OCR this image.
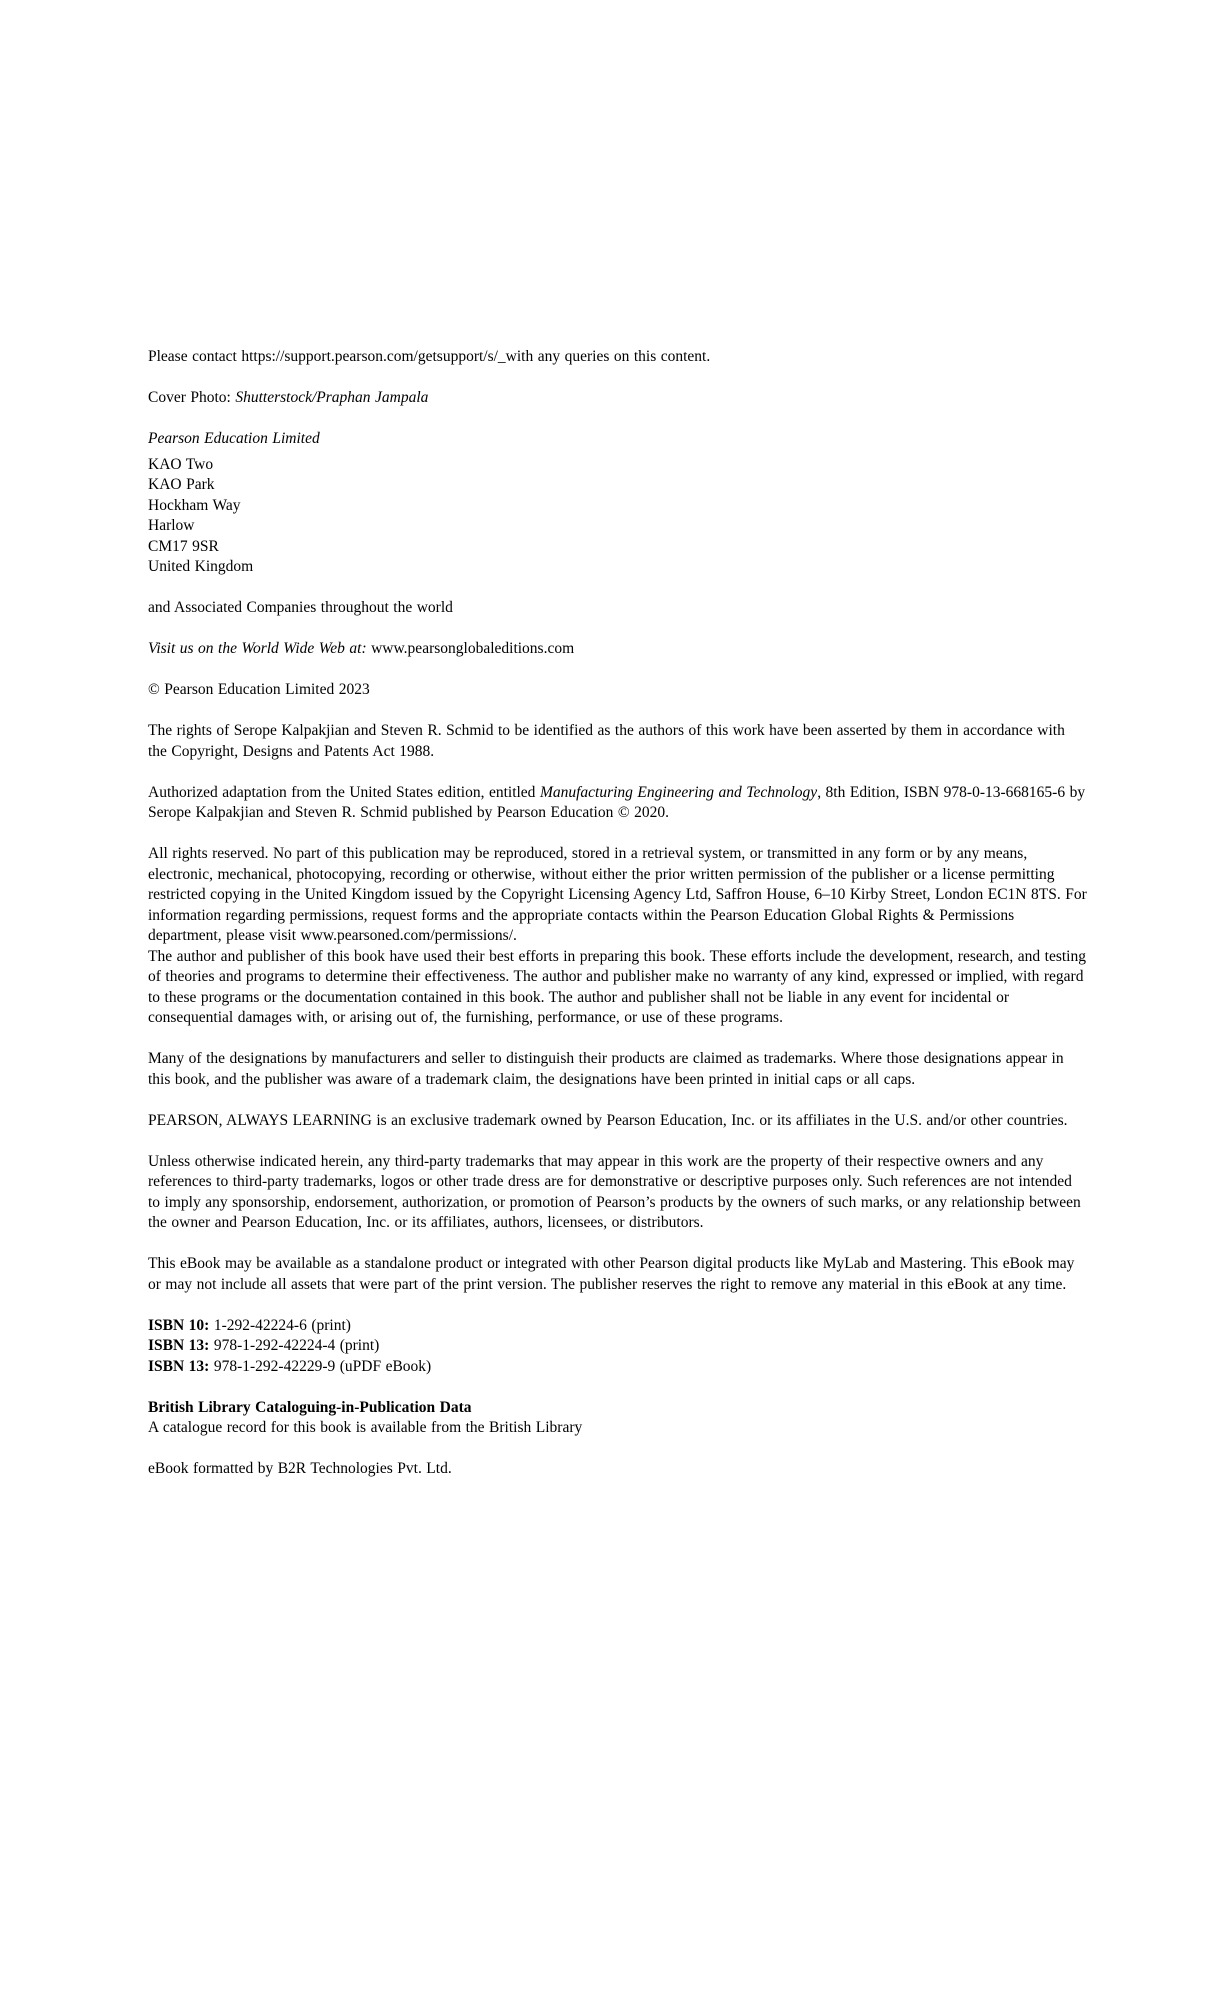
Please contact https://support.pearson.com/getsupport/s/_with any queries on this content.

Cover Photo: Shutterstock/Praphan Jampala

Pearson Education Limited

KAO Two
KAO Park
Hockham Way
Harlow
CM17 9SR
United Kingdom

and Associated Companies throughout the world

Visit us on the World Wide Web at: www.pearsonglobaleditions.com

© Pearson Education Limited 2023

The rights of Serope Kalpakjian and Steven R. Schmid to be identified as the authors of this work have been asserted by them in accordance with the Copyright, Designs and Patents Act 1988.

Authorized adaptation from the United States edition, entitled Manufacturing Engineering and Technology, 8th Edition, ISBN 978-0-13-668165-6 by Serope Kalpakjian and Steven R. Schmid published by Pearson Education © 2020.

All rights reserved. No part of this publication may be reproduced, stored in a retrieval system, or transmitted in any form or by any means, electronic, mechanical, photocopying, recording or otherwise, without either the prior written permission of the publisher or a license permitting restricted copying in the United Kingdom issued by the Copyright Licensing Agency Ltd, Saffron House, 6–10 Kirby Street, London EC1N 8TS. For information regarding permissions, request forms and the appropriate contacts within the Pearson Education Global Rights & Permissions department, please visit www.pearsoned.com/permissions/.

The author and publisher of this book have used their best efforts in preparing this book. These efforts include the development, research, and testing of theories and programs to determine their effectiveness. The author and publisher make no warranty of any kind, expressed or implied, with regard to these programs or the documentation contained in this book. The author and publisher shall not be liable in any event for incidental or consequential damages with, or arising out of, the furnishing, performance, or use of these programs.

Many of the designations by manufacturers and seller to distinguish their products are claimed as trademarks. Where those designations appear in this book, and the publisher was aware of a trademark claim, the designations have been printed in initial caps or all caps.

PEARSON, ALWAYS LEARNING is an exclusive trademark owned by Pearson Education, Inc. or its affiliates in the U.S. and/or other countries.

Unless otherwise indicated herein, any third-party trademarks that may appear in this work are the property of their respective owners and any references to third-party trademarks, logos or other trade dress are for demonstrative or descriptive purposes only. Such references are not intended to imply any sponsorship, endorsement, authorization, or promotion of Pearson’s products by the owners of such marks, or any relationship between the owner and Pearson Education, Inc. or its affiliates, authors, licensees, or distributors.

This eBook may be available as a standalone product or integrated with other Pearson digital products like MyLab and Mastering. This eBook may or may not include all assets that were part of the print version. The publisher reserves the right to remove any material in this eBook at any time.

ISBN 10: 1-292-42224-6 (print)
ISBN 13: 978-1-292-42224-4 (print)
ISBN 13: 978-1-292-42229-9 (uPDF eBook)

British Library Cataloguing-in-Publication Data

A catalogue record for this book is available from the British Library

eBook formatted by B2R Technologies Pvt. Ltd.
